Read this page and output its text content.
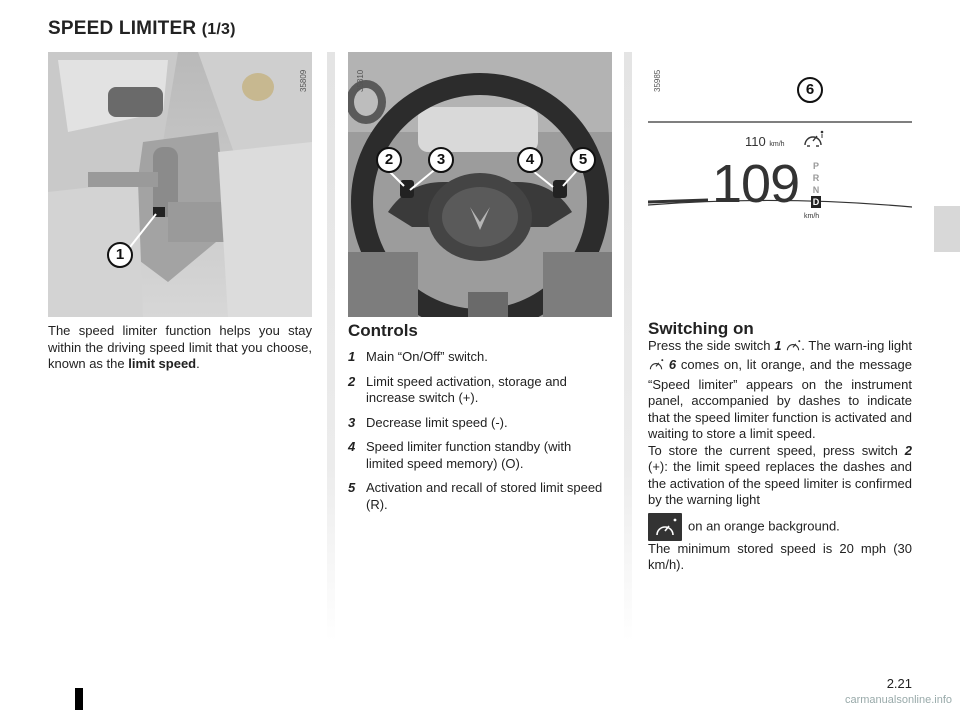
SPEED LIMITER (1/3)
35809
1
35810
2	3	4	5
35985
110 km/h
109 P
R
N
D
km/h
6
The speed limiter function helps you stay within the driving speed limit that you choose, known as the limit speed.
Controls
1 Main “On/Off” switch.
2 Limit speed activation, storage and increase switch (+).
3 Decrease limit speed (-).
4 Speed limiter function standby (with limited speed memory) (O).
5 Activation and recall of stored limit speed (R).
Switching on
Press the side switch 1 . The warn-ing light  6 comes on, lit orange, and the message “Speed limiter” appears on the instrument panel, accompanied by dashes to indicate that the speed limiter function is activated and waiting to store a limit speed.
To store the current speed, press switch 2 (+): the limit speed replaces the dashes and the activation of the speed limiter is confirmed by the warning light
on an orange background.
The minimum stored speed is 20 mph (30 km/h).
2.21
carmanualsonline.info
